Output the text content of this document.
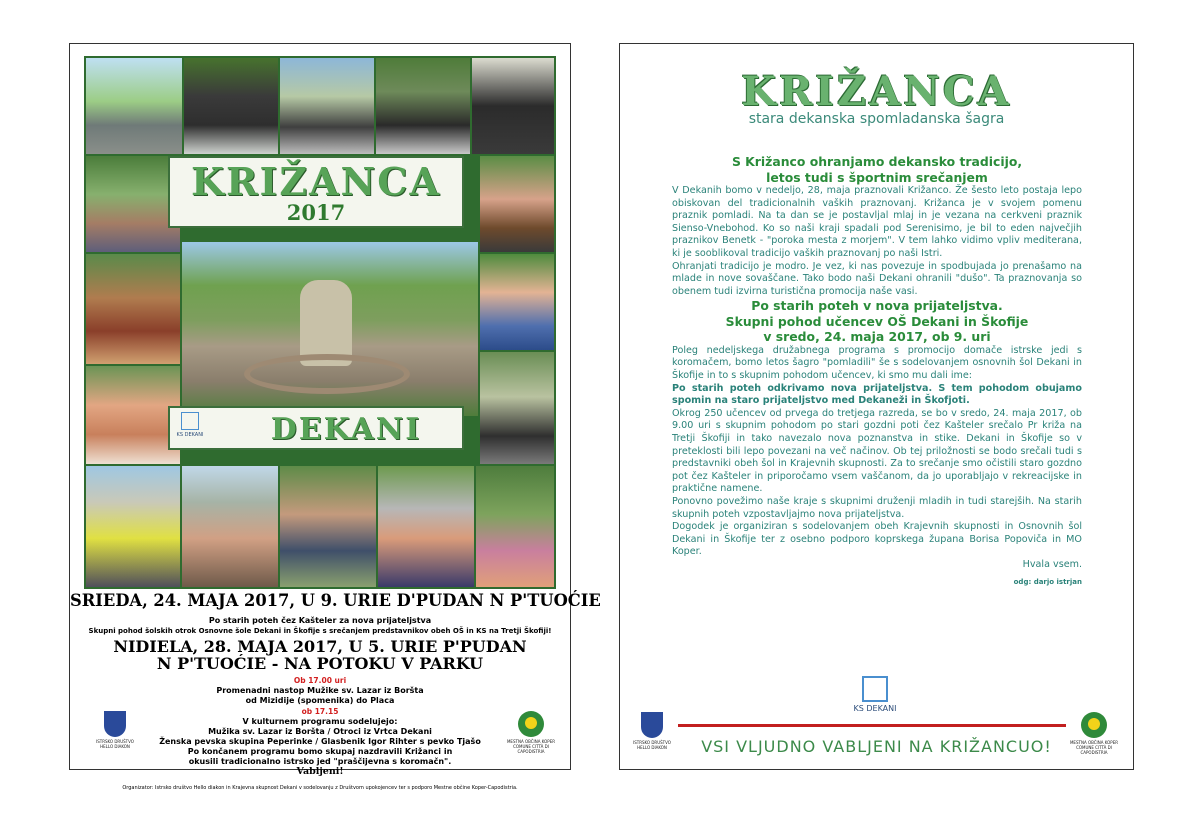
KRIŽANCA
2017
KS DEKANI	DEKANI
SRIEDA, 24. MAJA 2017, U 9. URIE D'PUDAN N P'TUOĆIE
Po starih poteh čez Kašteler za nova prijateljstva
Skupni pohod šolskih otrok Osnovne šole Dekani in Škofije s srečanjem predstavnikov obeh OŠ in KS na Tretji Škofiji!
NIDIELA, 28. MAJA 2017, U 5. URIE P'PUDAN
N P'TUOĆIE - NA POTOKU V PARKU
Ob 17.00 uri
Promenadni nastop Mužike sv. Lazar iz Boršta
od Mizidije (spomenika) do Placa
ob 17.15
V kulturnem programu sodelujejo:
Mužika sv. Lazar iz Boršta / Otroci iz Vrtca Dekani
Ženska pevska skupina Peperinke / Glasbenik Igor Rihter s pevko Tjašo
Po končanem programu bomo skupaj nazdravili Križanci in
okusili tradicionalno istrsko jed "praščijevna s koromačn".
Vabljeni!
Organizator: Istrsko društvo Hello diakon in Krajevna skupnost Dekani v sodelovanju z Društvom upokojencev ter s podporo Mestne občine Koper-Capodistria.
ISTRSKO DRUŠTVO HELLO DIAKON
MESTNA OBČINA KOPER COMUNE CITTÀ DI CAPODISTRIA
KRIŽANCA
stara dekanska spomladanska šagra
S Križanco ohranjamo dekansko tradicijo,
letos tudi s športnim srečanjem

V Dekanih bomo v nedeljo, 28, maja praznovali Križanco. Že šesto leto postaja lepo obiskovan del tradicionalnih vaških praznovanj. Križanca je v svojem pomenu praznik pomladi. Na ta dan se je postavljal mlaj in je vezana na cerkveni praznik Sienso-Vnebohod. Ko so naši kraji spadali pod Serenisimo, je bil to eden največjih praznikov Benetk - "poroka mesta z morjem". V tem lahko vidimo vpliv mediterana, ki je sooblikoval tradicijo vaških praznovanj po naši Istri.

Ohranjati tradicijo je modro. Je vez, ki nas povezuje in spodbujada jo prenašamo na mlade in nove sovaščane. Tako bodo naši Dekani ohranili "dušo". Ta praznovanja so obenem tudi izvirna turistična promocija naše vasi.

Po starih poteh v nova prijateljstva.
Skupni pohod učencev OŠ Dekani in Škofije
v sredo, 24. maja 2017, ob 9. uri

Poleg nedeljskega družabnega programa s promocijo domače istrske jedi s koromačem, bomo letos šagro "pomladili" še s sodelovanjem osnovnih šol Dekani in Škofije in to s skupnim pohodom učencev, ki smo mu dali ime:

Po starih poteh odkrivamo nova prijateljstva. S tem pohodom obujamo spomin na staro prijateljstvo med Dekaneži in Škofjoti.

Okrog 250 učencev od prvega do tretjega razreda, se bo v sredo, 24. maja 2017, ob 9.00 uri s skupnim pohodom po stari gozdni poti čez Kašteler srečalo Pr križa na Tretji Škofiji in tako navezalo nova poznanstva in stike. Dekani in Škofije so v preteklosti bili lepo povezani na več načinov. Ob tej priložnosti se bodo srečali tudi s predstavniki obeh šol in Krajevnih skupnosti. Za to srečanje smo očistili staro gozdno pot čez Kašteler in priporočamo vsem vaščanom, da jo uporabljajo v rekreacijske in praktične namene.

Ponovno povežimo naše kraje s skupnimi druženji mladih in tudi starejših. Na starih skupnih poteh vzpostavljajmo nova prijateljstva.

Dogodek je organiziran s sodelovanjem obeh Krajevnih skupnosti in Osnovnih šol Dekani in Škofije ter z osebno podporo koprskega župana Borisa Popoviča in MO Koper.

Hvala vsem.

odg: darjo istrjan
KS DEKANI
VSI VLJUDNO VABLJENI NA KRIŽANCUO!
ISTRSKO DRUŠTVO HELLO DIAKON
MESTNA OBČINA KOPER COMUNE CITTÀ DI CAPODISTRIA
